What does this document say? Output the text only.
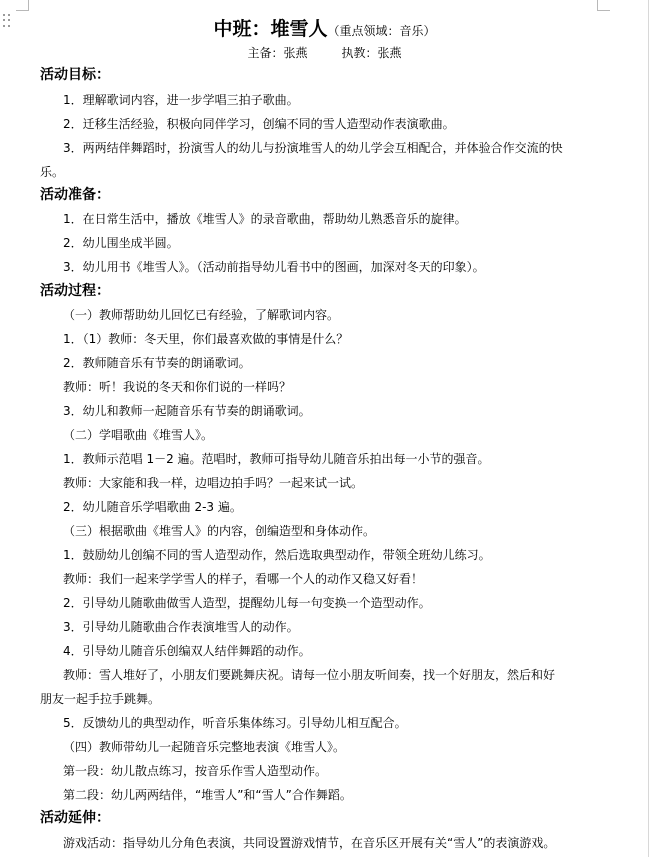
中班：堆雪人（重点领域：音乐）
主备：张燕	执教：张燕
活动目标：
1．理解歌词内容，进一步学唱三拍子歌曲。
2．迁移生活经验，积极向同伴学习，创编不同的雪人造型动作表演歌曲。
3．两两结伴舞蹈时，扮演雪人的幼儿与扮演堆雪人的幼儿学会互相配合，并体验合作交流的快
乐。
活动准备：
1．在日常生活中，播放《堆雪人》的录音歌曲，帮助幼儿熟悉音乐的旋律。
2．幼儿围坐成半圆。
3．幼儿用书《堆雪人》。（活动前指导幼儿看书中的图画，加深对冬天的印象）。
活动过程：
（一）教师帮助幼儿回忆已有经验，了解歌词内容。
1．（1）教师：冬天里，你们最喜欢做的事情是什么？
2．教师随音乐有节奏的朗诵歌词。
教师：听！我说的冬天和你们说的一样吗？
3．幼儿和教师一起随音乐有节奏的朗诵歌词。
（二）学唱歌曲《堆雪人》。
1．教师示范唱 1－2 遍。范唱时，教师可指导幼儿随音乐拍出每一小节的强音。
教师：大家能和我一样，边唱边拍手吗？一起来试一试。
2．幼儿随音乐学唱歌曲 2-3 遍。
（三）根据歌曲《堆雪人》的内容，创编造型和身体动作。
1．鼓励幼儿创编不同的雪人造型动作，然后选取典型动作，带领全班幼儿练习。
教师：我们一起来学学雪人的样子，看哪一个人的动作又稳又好看！
2．引导幼儿随歌曲做雪人造型，提醒幼儿每一句变换一个造型动作。
3．引导幼儿随歌曲合作表演堆雪人的动作。
4．引导幼儿随音乐创编双人结伴舞蹈的动作。
教师：雪人堆好了，小朋友们要跳舞庆祝。请每一位小朋友听间奏，找一个好朋友，然后和好
朋友一起手拉手跳舞。
5．反馈幼儿的典型动作，听音乐集体练习。引导幼儿相互配合。
（四）教师带幼儿一起随音乐完整地表演《堆雪人》。
第一段：幼儿散点练习，按音乐作雪人造型动作。
第二段：幼儿两两结伴，“堆雪人”和“雪人”合作舞蹈。
活动延伸：
游戏活动：指导幼儿分角色表演，共同设置游戏情节，在音乐区开展有关“雪人”的表演游戏。
